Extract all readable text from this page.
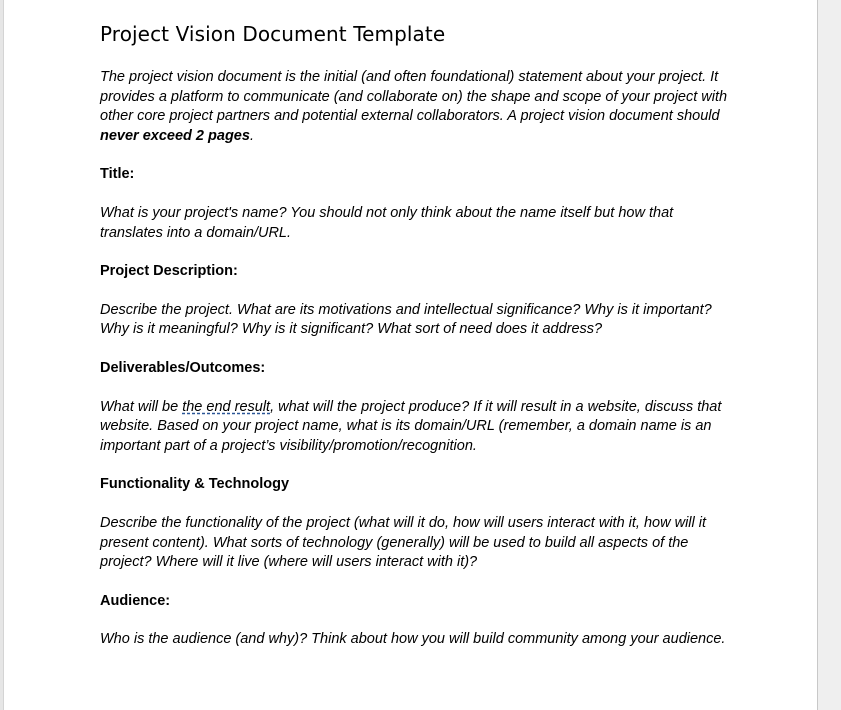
Project Vision Document Template

The project vision document is the initial (and often foundational) statement about your project. It provides a platform to communicate (and collaborate on) the shape and scope of your project with other core project partners and potential external collaborators. A project vision document should never exceed 2 pages.

Title:

What is your project's name? You should not only think about the name itself but how that translates into a domain/URL.

Project Description:

Describe the project. What are its motivations and intellectual significance? Why is it important? Why is it meaningful? Why is it significant? What sort of need does it address?

Deliverables/Outcomes:

What will be the end result, what will the project produce? If it will result in a website, discuss that website. Based on your project name, what is its domain/URL (remember, a domain name is an important part of a project’s visibility/promotion/recognition.

Functionality & Technology

Describe the functionality of the project (what will it do, how will users interact with it, how will it present content). What sorts of technology (generally) will be used to build all aspects of the project? Where will it live (where will users interact with it)?

Audience:

Who is the audience (and why)? Think about how you will build community among your audience.
